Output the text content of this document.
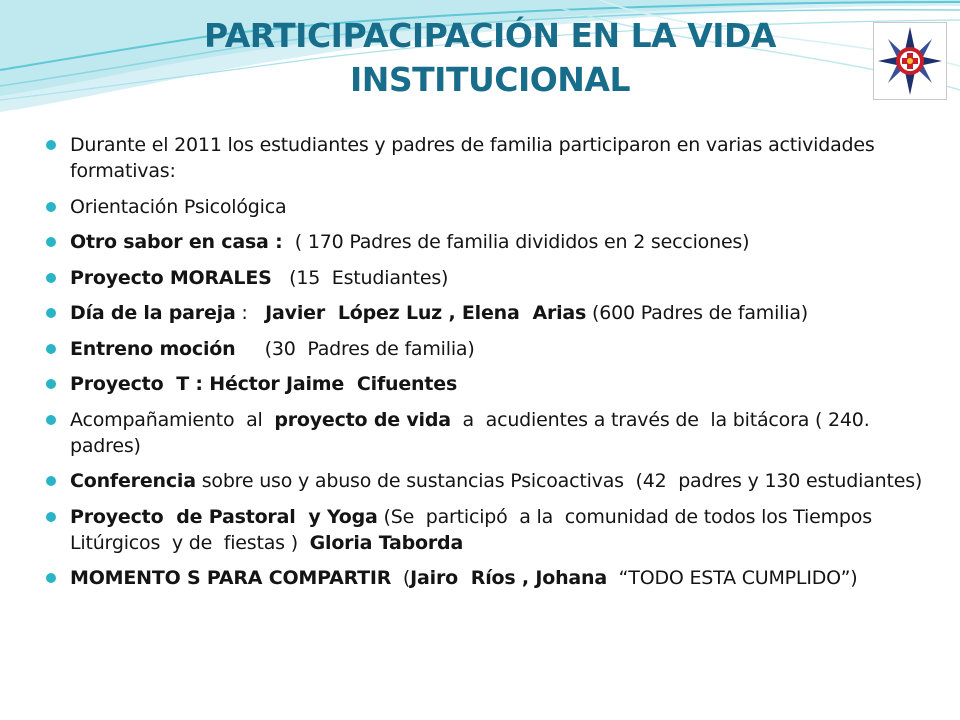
PARTICIPACIPACIÓN EN LA VIDA
INSTITUCIONAL
Durante el 2011 los estudiantes y padres de familia participaron en varias actividades formativas:
Orientación Psicológica
Otro sabor en casa :  ( 170 Padres de familia divididos en 2 secciones)
Proyecto MORALES   (15  Estudiantes)
Día de la pareja :   Javier  López Luz , Elena  Arias (600 Padres de familia)
Entreno moción     (30  Padres de familia)
Proyecto  T : Héctor Jaime  Cifuentes
Acompañamiento  al  proyecto de vida  a  acudientes a través de  la bitácora ( 240.  padres)
Conferencia sobre uso y abuso de sustancias Psicoactivas  (42  padres y 130 estudiantes)
Proyecto  de Pastoral  y Yoga (Se  participó  a la  comunidad de todos los Tiempos Litúrgicos  y de  fiestas )  Gloria Taborda
MOMENTO S PARA COMPARTIR  (Jairo  Ríos , Johana  “TODO ESTA CUMPLIDO”)
